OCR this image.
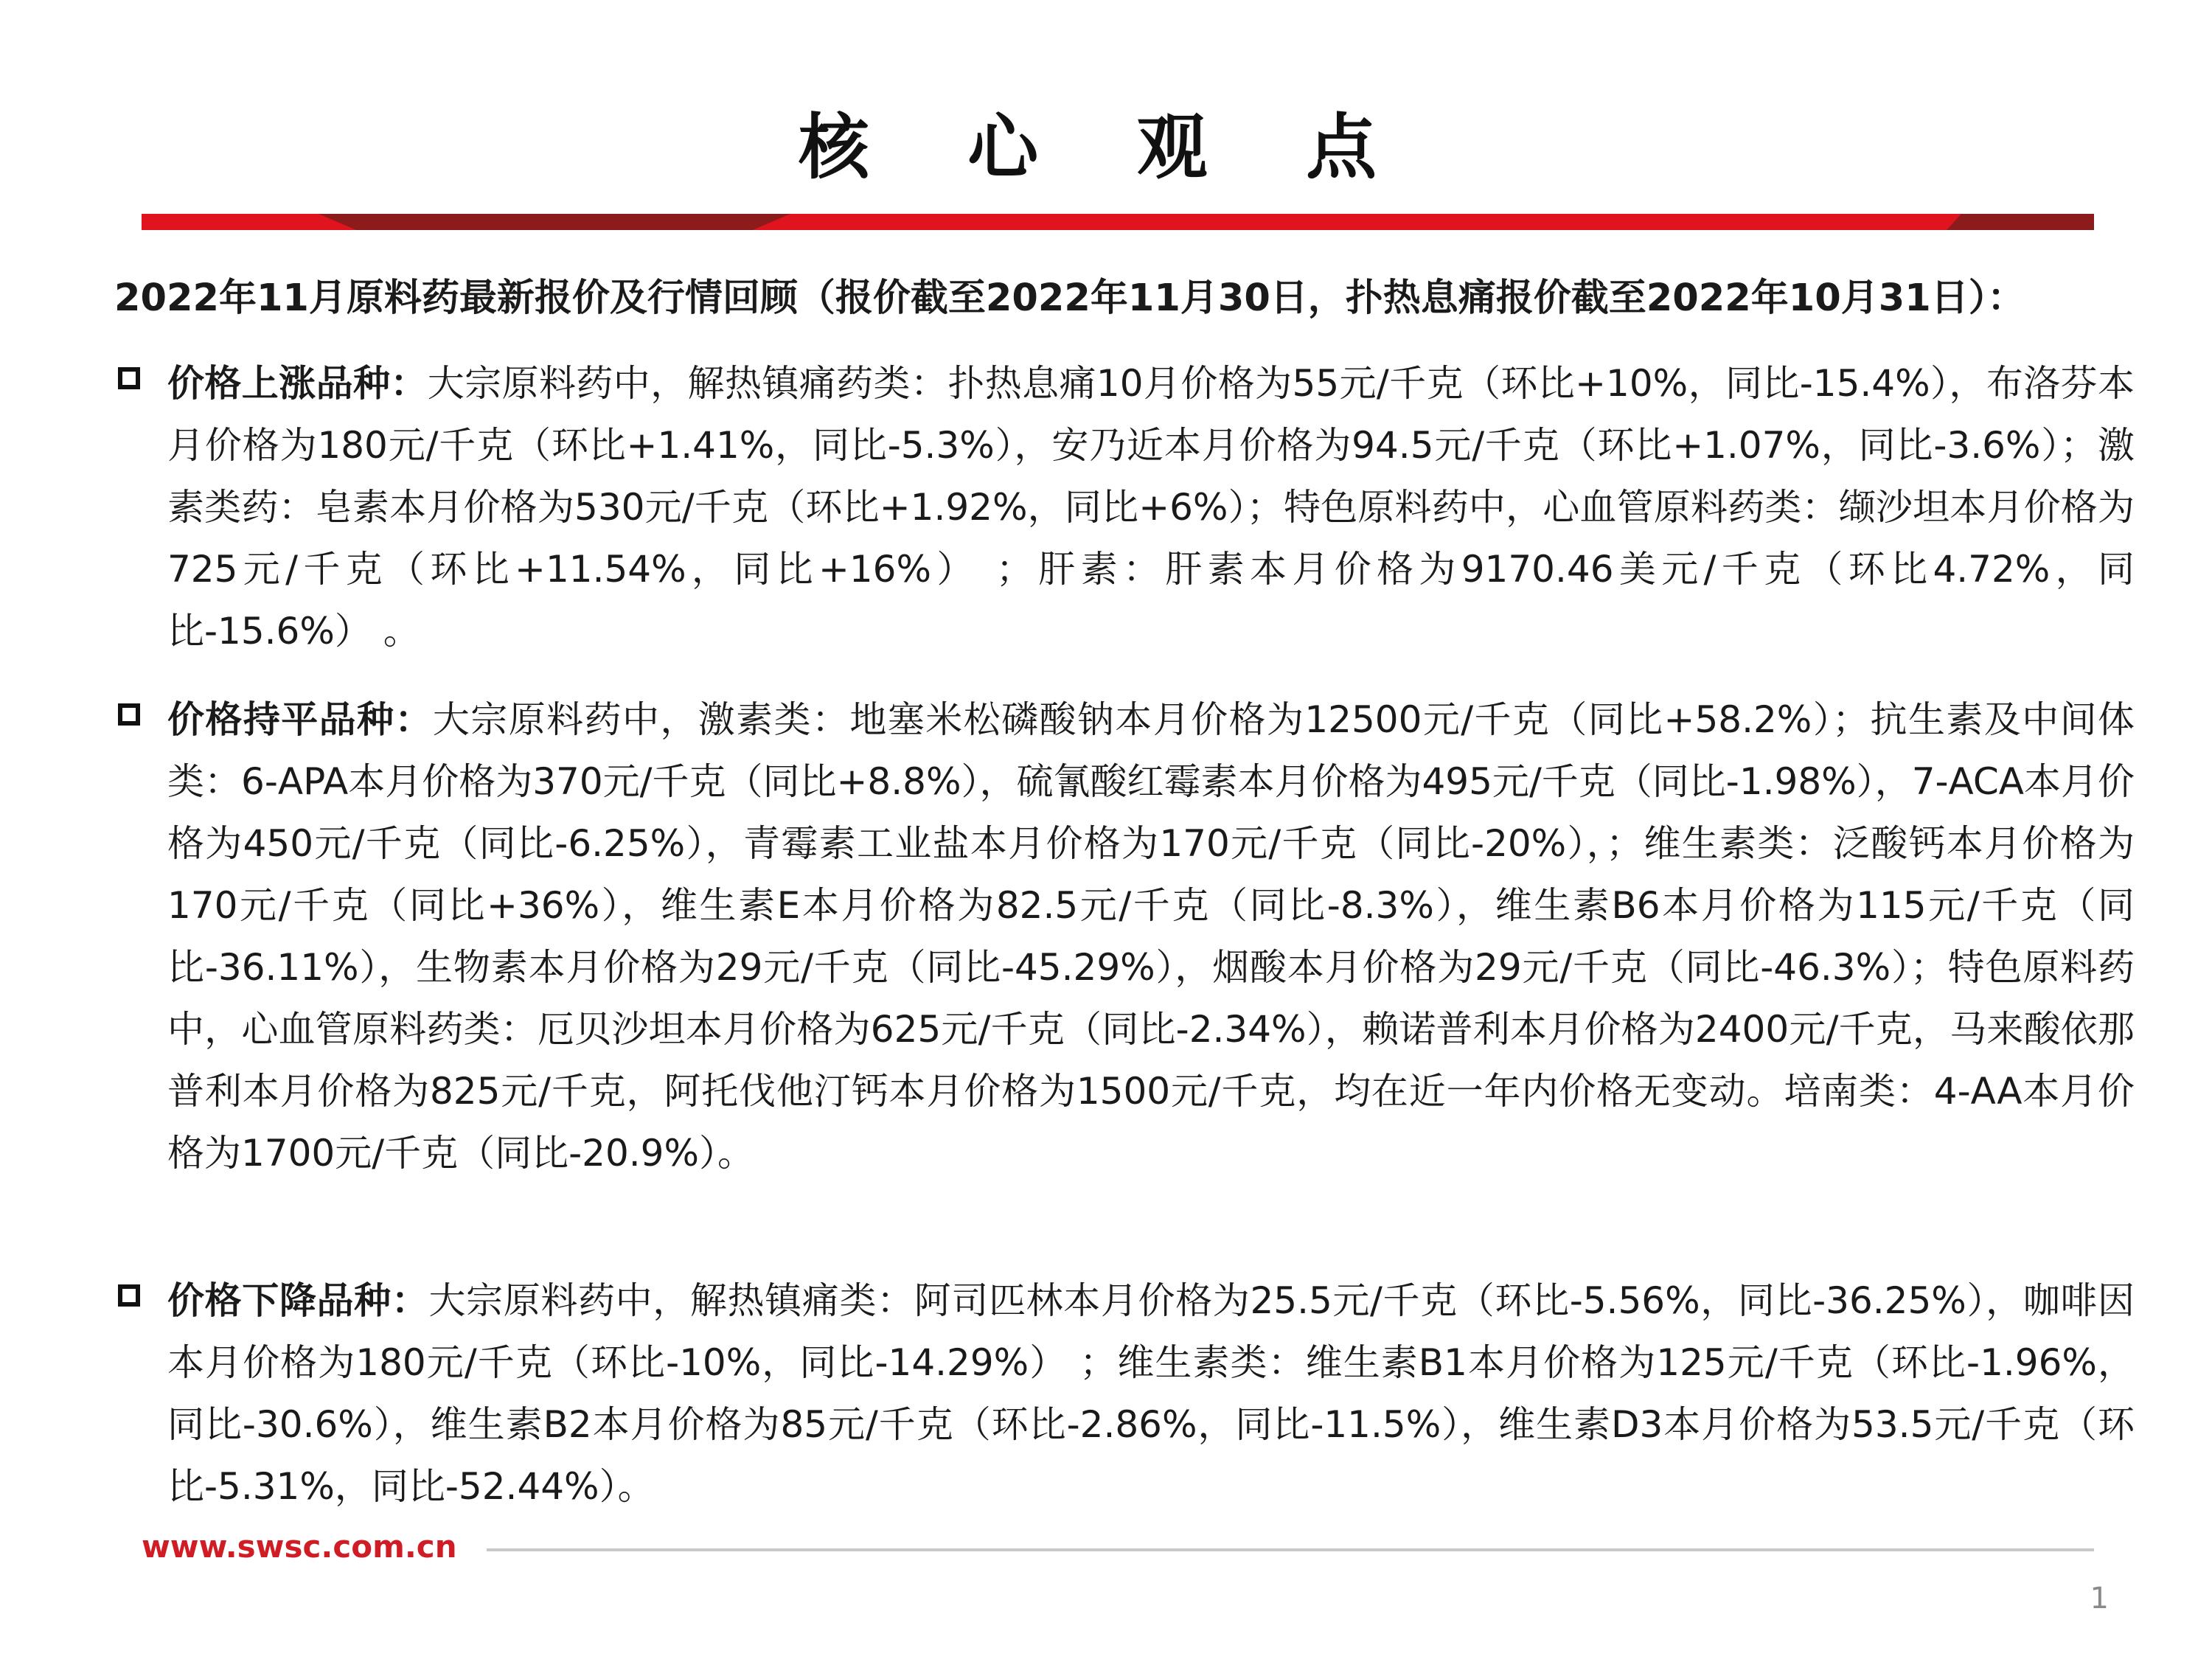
核 心 观 点
2022年11月原料药最新报价及行情回顾（报价截至2022年11月30日，扑热息痛报价截至2022年10月31日）：
价格上涨品种：大宗原料药中，解热镇痛药类：扑热息痛10月价格为55元/千克（环比+10%，同比-15.4%），布洛芬本月价格为180元/千克（环比+1.41%，同比-5.3%），安乃近本月价格为94.5元/千克（环比+1.07%，同比-3.6%）；激素类药：皂素本月价格为530元/千克（环比+1.92%，同比+6%）；特色原料药中，心血管原料药类：缬沙坦本月价格为725元/千克（环比+11.54%，同比+16%） ；肝素：肝素本月价格为9170.46美元/千克（环比4.72%，同比-15.6%） 。
价格持平品种：大宗原料药中，激素类：地塞米松磷酸钠本月价格为12500元/千克（同比+58.2%）；抗生素及中间体类：6-APA本月价格为370元/千克（同比+8.8%），硫氰酸红霉素本月价格为495元/千克（同比-1.98%），7-ACA本月价格为450元/千克（同比-6.25%），青霉素工业盐本月价格为170元/千克（同比-20%），；维生素类：泛酸钙本月价格为170元/千克（同比+36%），维生素E本月价格为82.5元/千克（同比-8.3%），维生素B6本月价格为115元/千克（同比-36.11%），生物素本月价格为29元/千克（同比-45.29%），烟酸本月价格为29元/千克（同比-46.3%）；特色原料药中，心血管原料药类：厄贝沙坦本月价格为625元/千克（同比-2.34%），赖诺普利本月价格为2400元/千克，马来酸依那普利本月价格为825元/千克，阿托伐他汀钙本月价格为1500元/千克，均在近一年内价格无变动。培南类：4-AA本月价格为1700元/千克（同比-20.9%）。
价格下降品种：大宗原料药中，解热镇痛类：阿司匹林本月价格为25.5元/千克（环比-5.56%，同比-36.25%），咖啡因本月价格为180元/千克（环比-10%，同比-14.29%） ；维生素类：维生素B1本月价格为125元/千克（环比-1.96%，同比-30.6%），维生素B2本月价格为85元/千克（环比-2.86%，同比-11.5%），维生素D3本月价格为53.5元/千克（环比-5.31%，同比-52.44%）。
www.swsc.com.cn
1
